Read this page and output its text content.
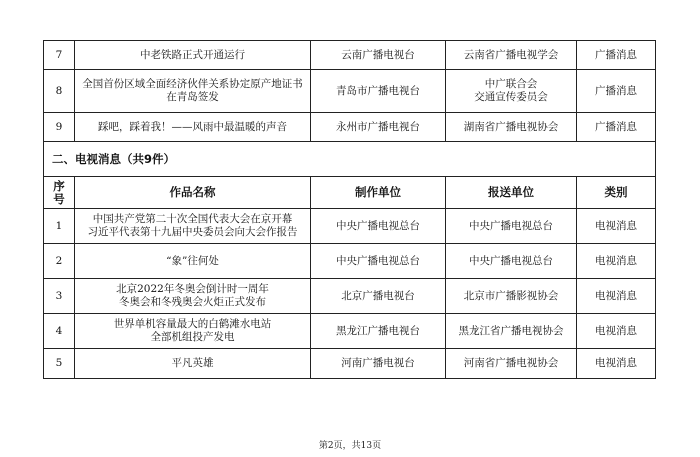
7	中老铁路正式开通运行	云南广播电视台	云南省广播电视学会	广播消息
8	全国首份区域全面经济伙伴关系协定原产地证书
在青岛签发	青岛市广播电视台	中广联合会
交通宣传委员会	广播消息
9	踩吧，踩着我！——风雨中最温暖的声音	永州市广播电视台	湖南省广播电视协会	广播消息
二、电视消息（共9件）				
序号	作品名称	制作单位	报送单位	类别
1	中国共产党第二十次全国代表大会在京开幕
习近平代表第十九届中央委员会向大会作报告	中央广播电视总台	中央广播电视总台	电视消息
2	“象”往何处	中央广播电视总台	中央广播电视总台	电视消息
3	北京2022年冬奥会倒计时一周年
冬奥会和冬残奥会火炬正式发布	北京广播电视台	北京市广播影视协会	电视消息
4	世界单机容量最大的白鹤滩水电站
全部机组投产发电	黑龙江广播电视台	黑龙江省广播电视协会	电视消息
5	平凡英雄	河南广播电视台	河南省广播电视协会	电视消息
第2页，共13页
